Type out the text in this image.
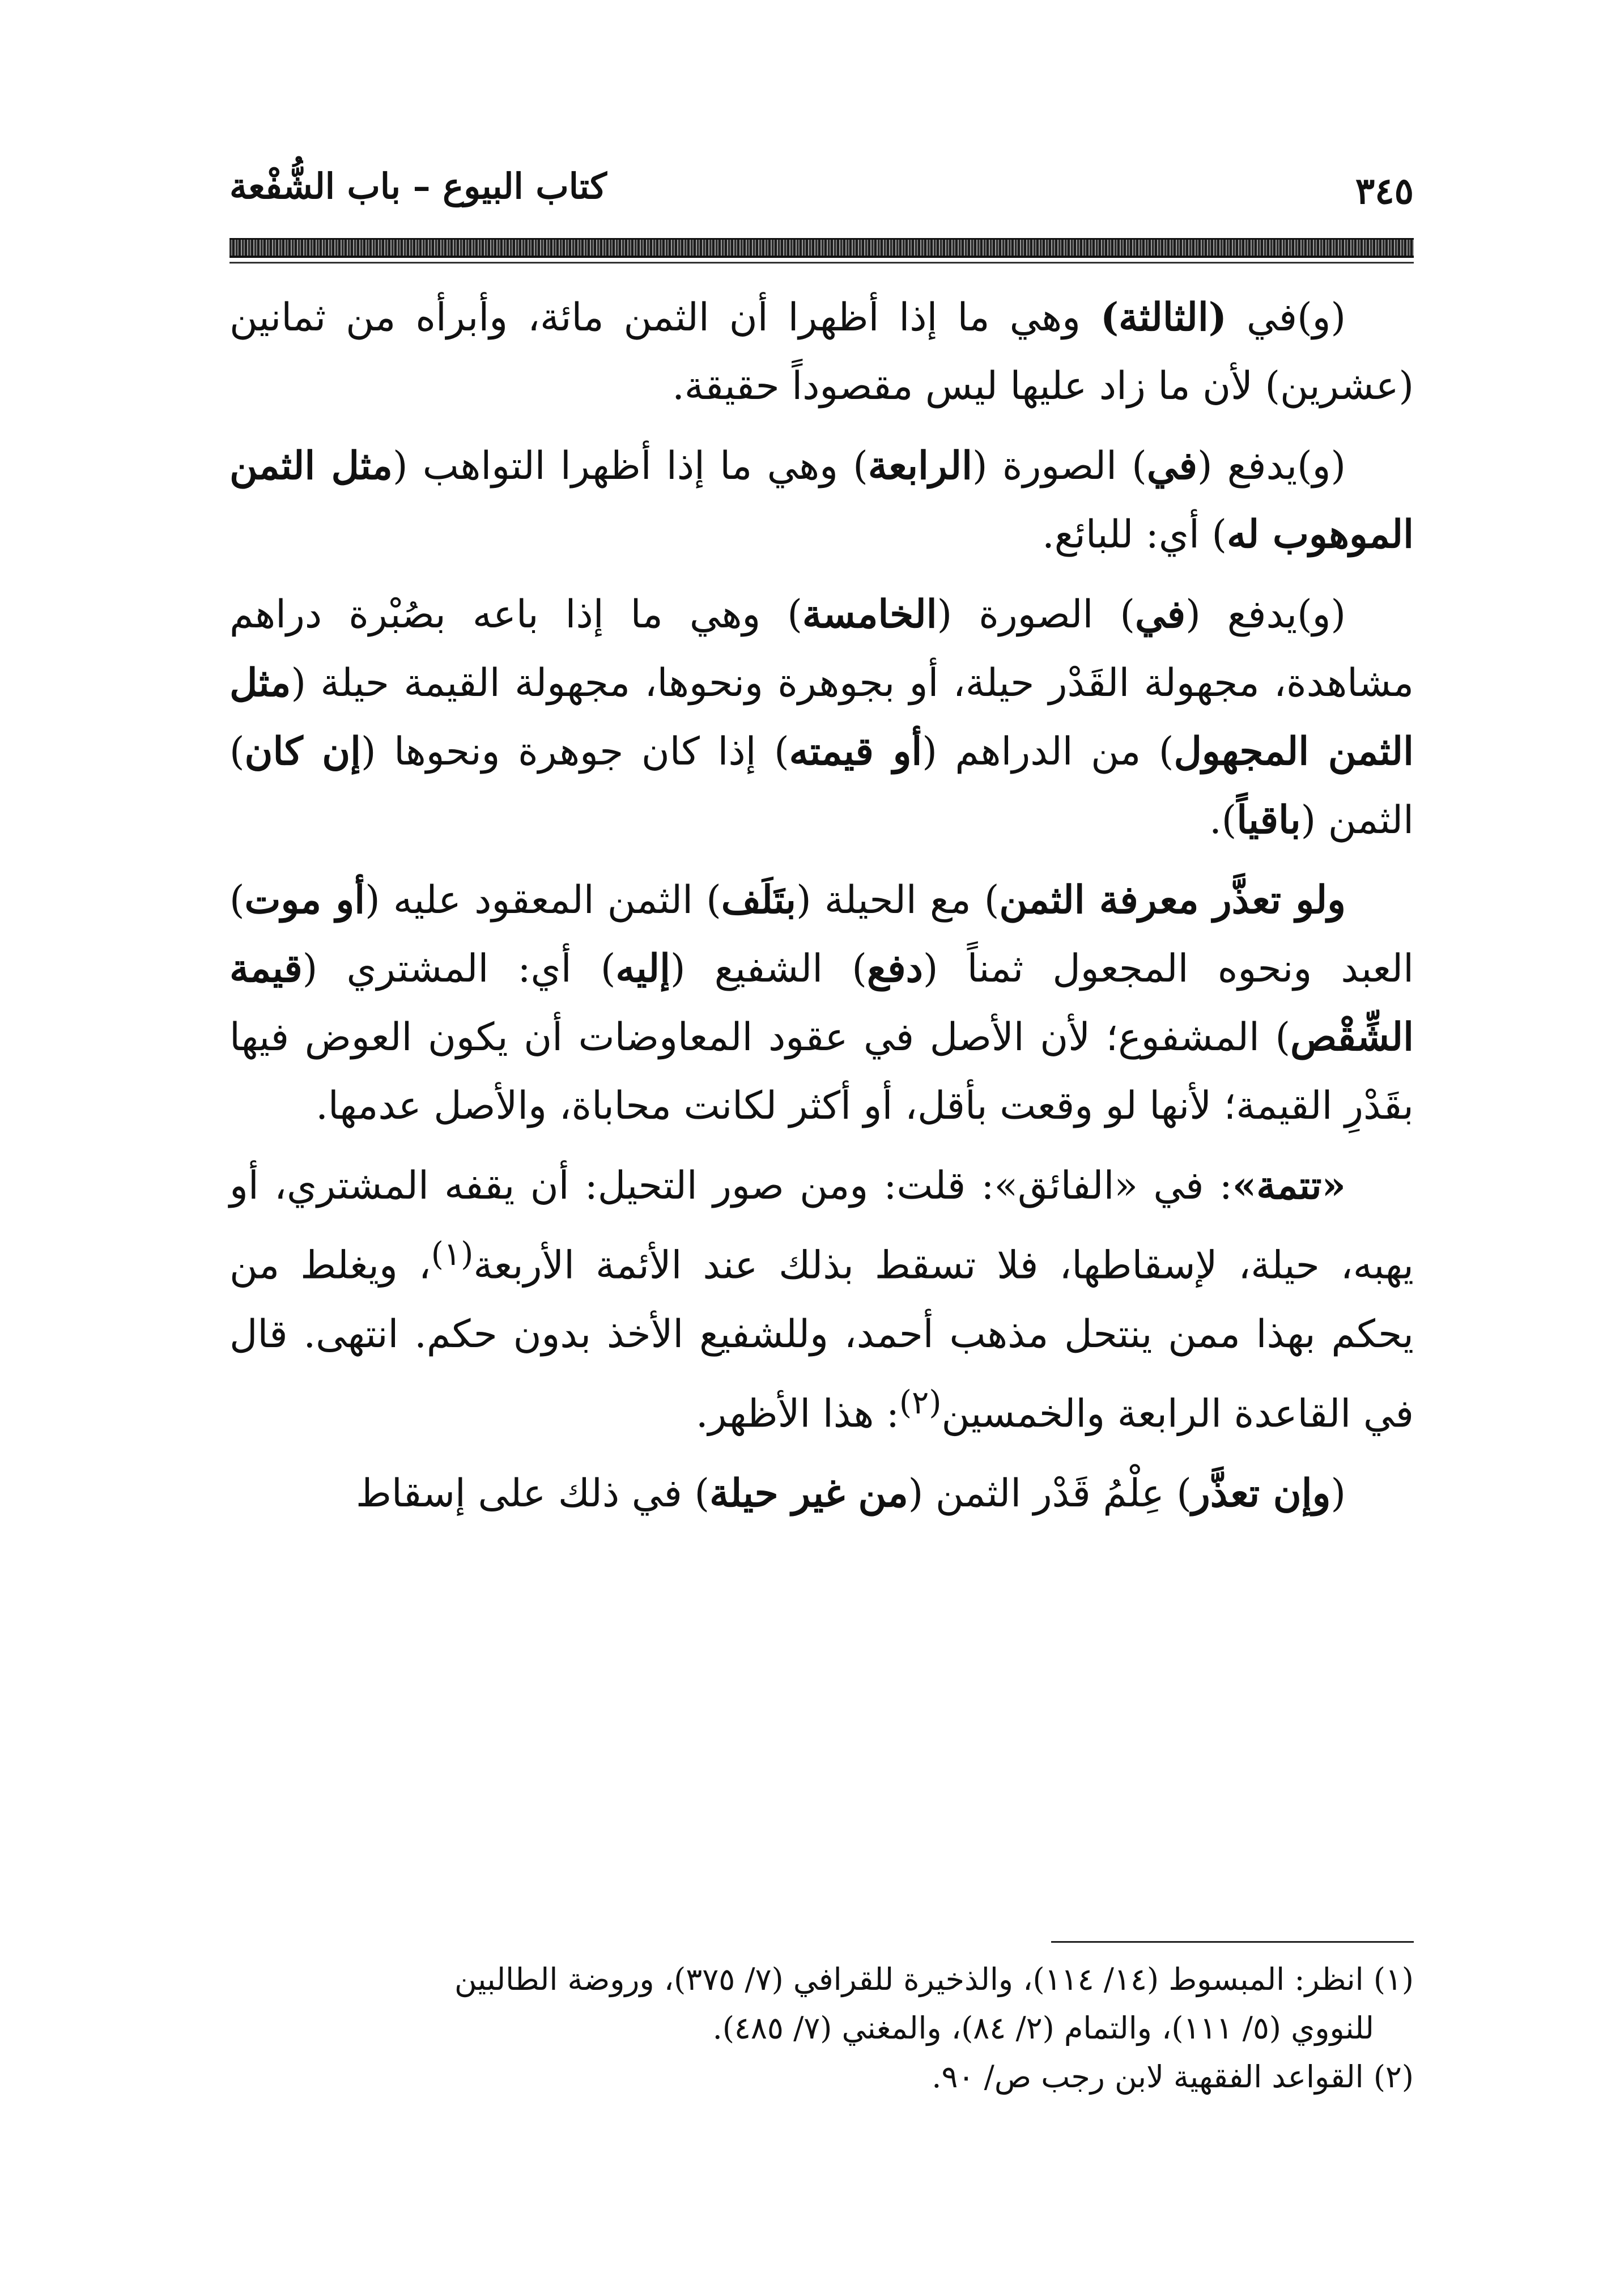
٣٤٥
كتاب البيوع – باب الشُّفْعة

(و)في (الثالثة) وهي ما إذا أظهرا أن الثمن مائة، وأبرأه من ثمانين (عشرين) لأن ما زاد عليها ليس مقصوداً حقيقة.

(و)يدفع (في) الصورة (الرابعة) وهي ما إذا أظهرا التواهب (مثل الثمن الموهوب له) أي: للبائع.

(و)يدفع (في) الصورة (الخامسة) وهي ما إذا باعه بصُبْرة دراهم مشاهدة، مجهولة القَدْر حيلة، أو بجوهرة ونحوها، مجهولة القيمة حيلة (مثل الثمن المجهول) من الدراهم (أو قيمته) إذا كان جوهرة ونحوها (إن كان) الثمن (باقياً).

ولو تعذَّر معرفة الثمن) مع الحيلة (بتَلَف) الثمن المعقود عليه (أو موت) العبد ونحوه المجعول ثمناً (دفع) الشفيع (إليه) أي: المشتري (قيمة الشِّقْص) المشفوع؛ لأن الأصل في عقود المعاوضات أن يكون العوض فيها بقَدْرِ القيمة؛ لأنها لو وقعت بأقل، أو أكثر لكانت محاباة، والأصل عدمها.

«تتمة»: في «الفائق»: قلت: ومن صور التحيل: أن يقفه المشتري، أو يهبه، حيلة، لإسقاطها، فلا تسقط بذلك عند الأئمة الأربعة$^{(١)}$، ويغلط من يحكم بهذا ممن ينتحل مذهب أحمد، وللشفيع الأخذ بدون حكم. انتهى. قال في القاعدة الرابعة والخمسين$^{(٢)}$: هذا الأظهر.

(وإن تعذَّر) عِلْمُ قَدْر الثمن (من غير حيلة) في ذلك على إسقاط

(١) انظر: المبسوط (١٤/ ١١٤)، والذخيرة للقرافي (٧/ ٣٧٥)، وروضة الطالبين

للنووي (٥/ ١١١)، والتمام (٢/ ٨٤)، والمغني (٧/ ٤٨٥).

(٢) القواعد الفقهية لابن رجب ص/ ٩٠.
